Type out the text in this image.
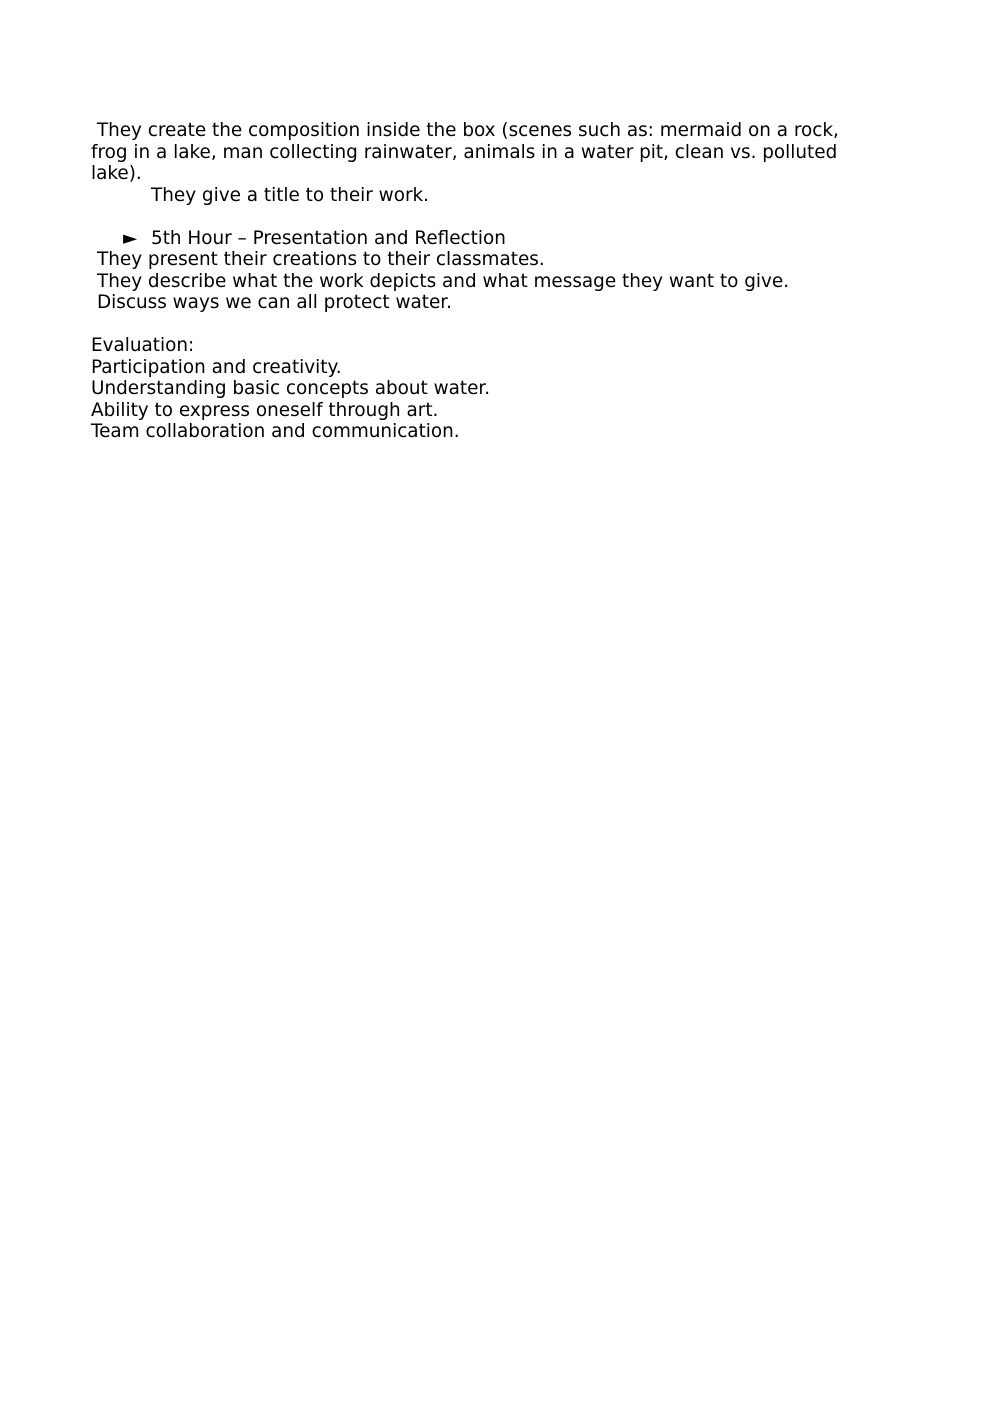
They create the composition inside the box (scenes such as: mermaid on a rock,
frog in a lake, man collecting rainwater, animals in a water pit, clean vs. polluted
lake).
They give a title to their work.
► 5th Hour – Presentation and Reflection
They present their creations to their classmates.
They describe what the work depicts and what message they want to give.
Discuss ways we can all protect water.
Evaluation:
Participation and creativity.
Understanding basic concepts about water.
Ability to express oneself through art.
Team collaboration and communication.
